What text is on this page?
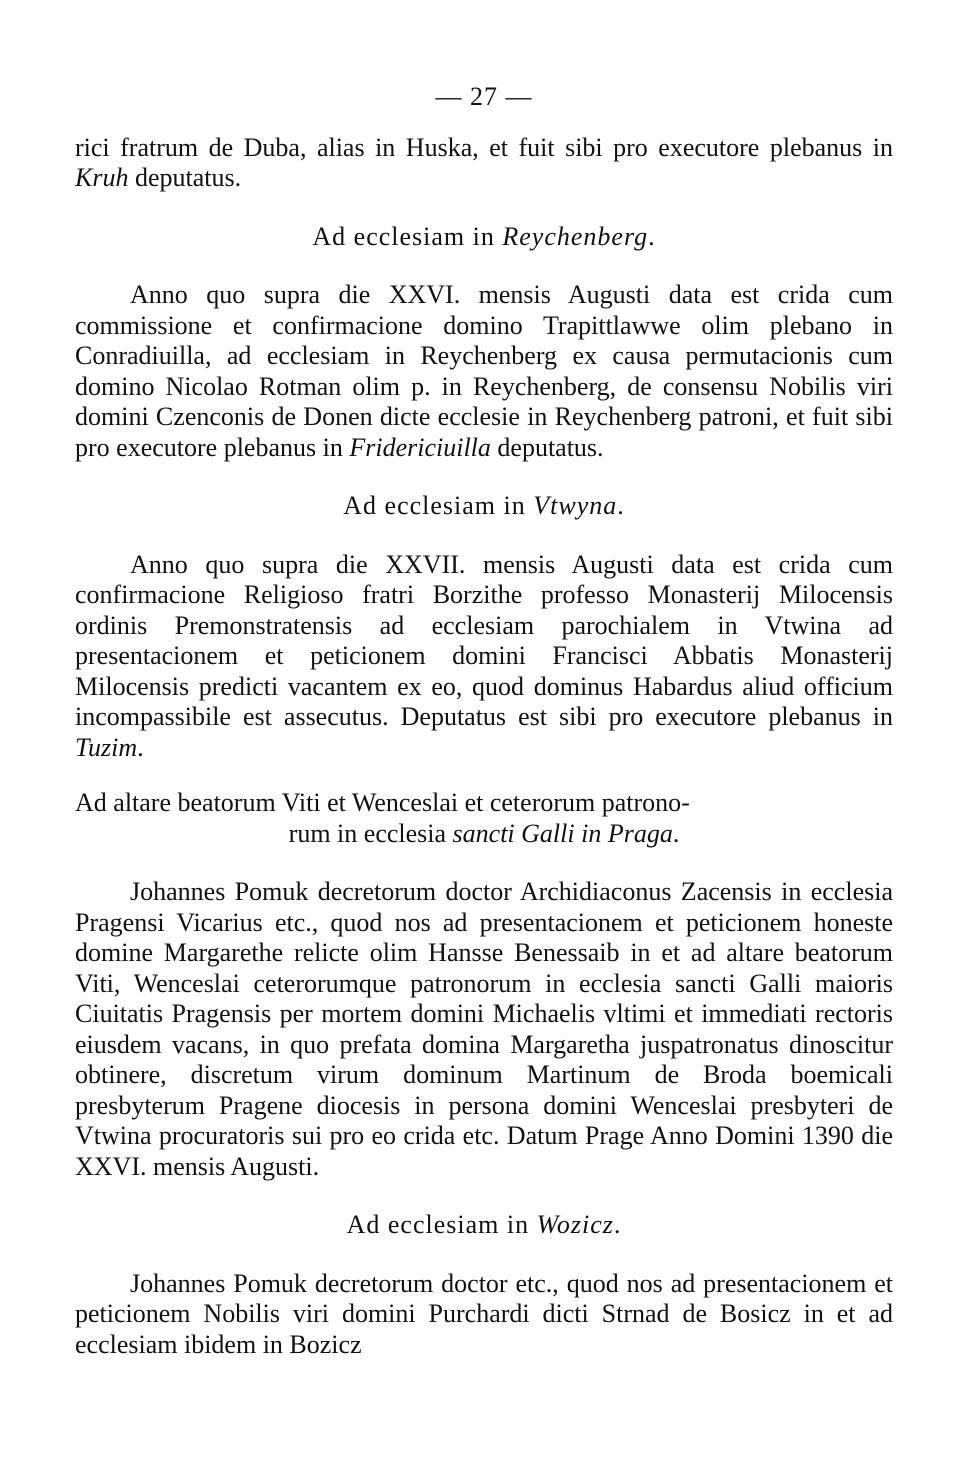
— 27 —

rici fratrum de Duba, alias in Huska, et fuit sibi pro executore plebanus in Kruh deputatus.

Ad ecclesiam in Reychenberg.

Anno quo supra die XXVI. mensis Augusti data est crida cum commissione et confirmacione domino Trapittlawwe olim plebano in Conradiuilla, ad ecclesiam in Reychenberg ex causa permutacionis cum domino Nicolao Rotman olim p. in Reychenberg, de consensu Nobilis viri domini Czenconis de Donen dicte ecclesie in Reychenberg patroni, et fuit sibi pro executore plebanus in Fridericiuilla deputatus.

Ad ecclesiam in Vtwyna.

Anno quo supra die XXVII. mensis Augusti data est crida cum confirmacione Religioso fratri Borzithe professo Monasterij Milocensis ordinis Premonstratensis ad ecclesiam parochialem in Vtwina ad presentacionem et peticionem domini Francisci Abbatis Monasterij Milocensis predicti vacantem ex eo, quod dominus Habardus aliud officium incompassibile est assecutus. Deputatus est sibi pro executore plebanus in Tuzim.

Ad altare beatorum Viti et Wenceslai et ceterorum patrono-
rum in ecclesia sancti Galli in Praga.

Johannes Pomuk decretorum doctor Archidiaconus Zacensis in ecclesia Pragensi Vicarius etc., quod nos ad presentacionem et peticionem honeste domine Margarethe relicte olim Hansse Benessaib in et ad altare beatorum Viti, Wenceslai ceterorumque patronorum in ecclesia sancti Galli maioris Ciuitatis Pragensis per mortem domini Michaelis vltimi et immediati rectoris eiusdem vacans, in quo prefata domina Margaretha juspatronatus dinoscitur obtinere, discretum virum dominum Martinum de Broda boemicali presbyterum Pragene diocesis in persona domini Wenceslai presbyteri de Vtwina procuratoris sui pro eo crida etc. Datum Prage Anno Domini 1390 die XXVI. mensis Augusti.

Ad ecclesiam in Wozicz.

Johannes Pomuk decretorum doctor etc., quod nos ad presentacionem et peticionem Nobilis viri domini Purchardi dicti Strnad de Bosicz in et ad ecclesiam ibidem in Bozicz
